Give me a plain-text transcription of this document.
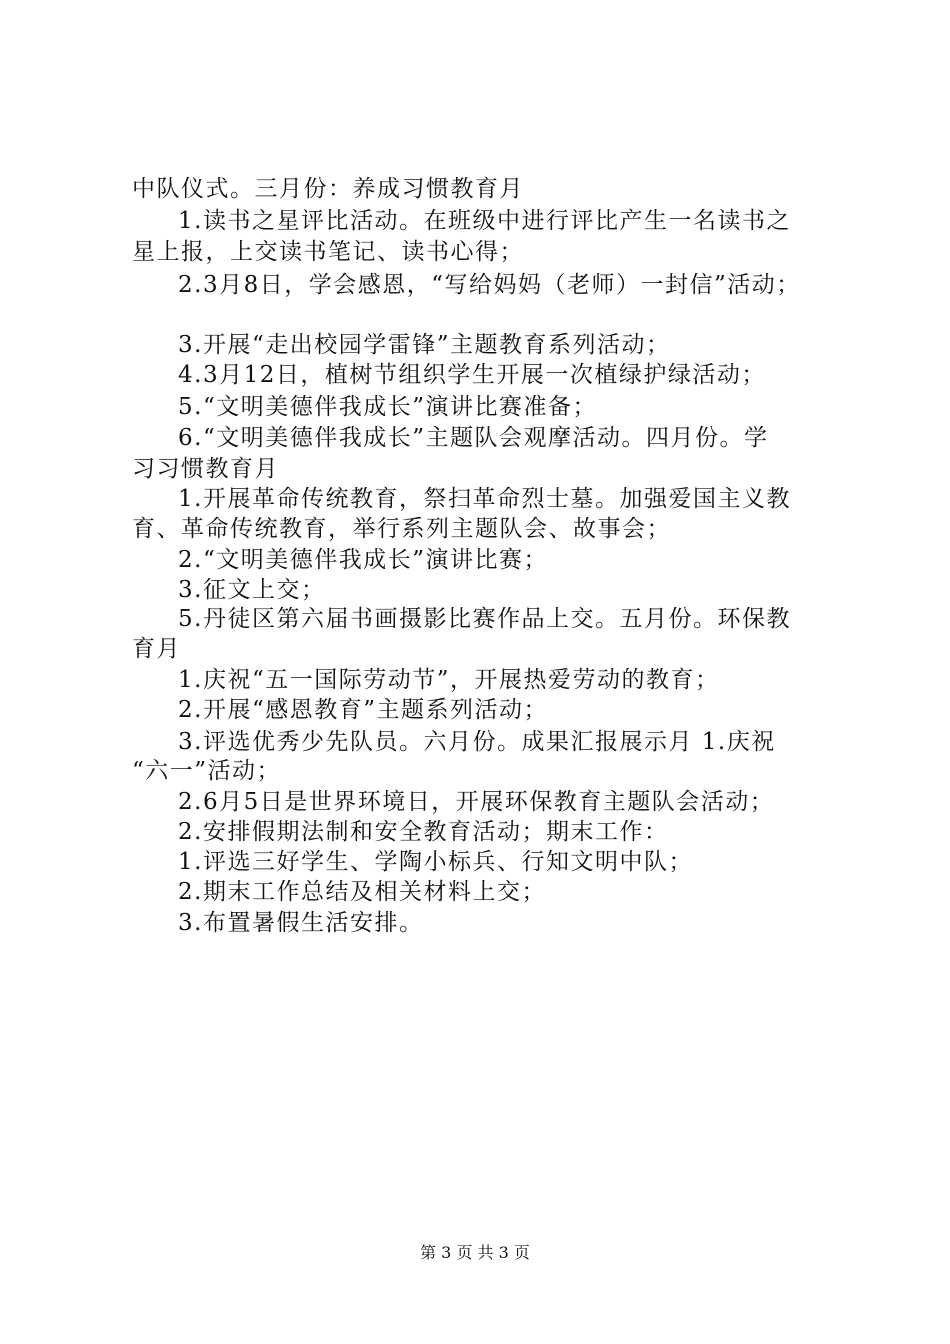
中队仪式。三月份：养成习惯教育月
1.读书之星评比活动。在班级中进行评比产生一名读书之
星上报，上交读书笔记、读书心得；
2.3月8日，学会感恩，“写给妈妈（老师）一封信”活动；
3.开展“走出校园学雷锋”主题教育系列活动；
4.3月12日，植树节组织学生开展一次植绿护绿活动；
5.“文明美德伴我成长”演讲比赛准备；
6.“文明美德伴我成长”主题队会观摩活动。四月份。学
习习惯教育月
1.开展革命传统教育，祭扫革命烈士墓。加强爱国主义教
育、革命传统教育，举行系列主题队会、故事会；
2.“文明美德伴我成长”演讲比赛；
3.征文上交；
5.丹徒区第六届书画摄影比赛作品上交。五月份。环保教
育月
1.庆祝“五一国际劳动节”，开展热爱劳动的教育；
2.开展“感恩教育”主题系列活动；
3.评选优秀少先队员。六月份。成果汇报展示月 1.庆祝
“六一”活动；
2.6月5日是世界环境日，开展环保教育主题队会活动；
2.安排假期法制和安全教育活动；期末工作：
1.评选三好学生、学陶小标兵、行知文明中队；
2.期末工作总结及相关材料上交；
3.布置暑假生活安排。
第 3 页 共 3 页
